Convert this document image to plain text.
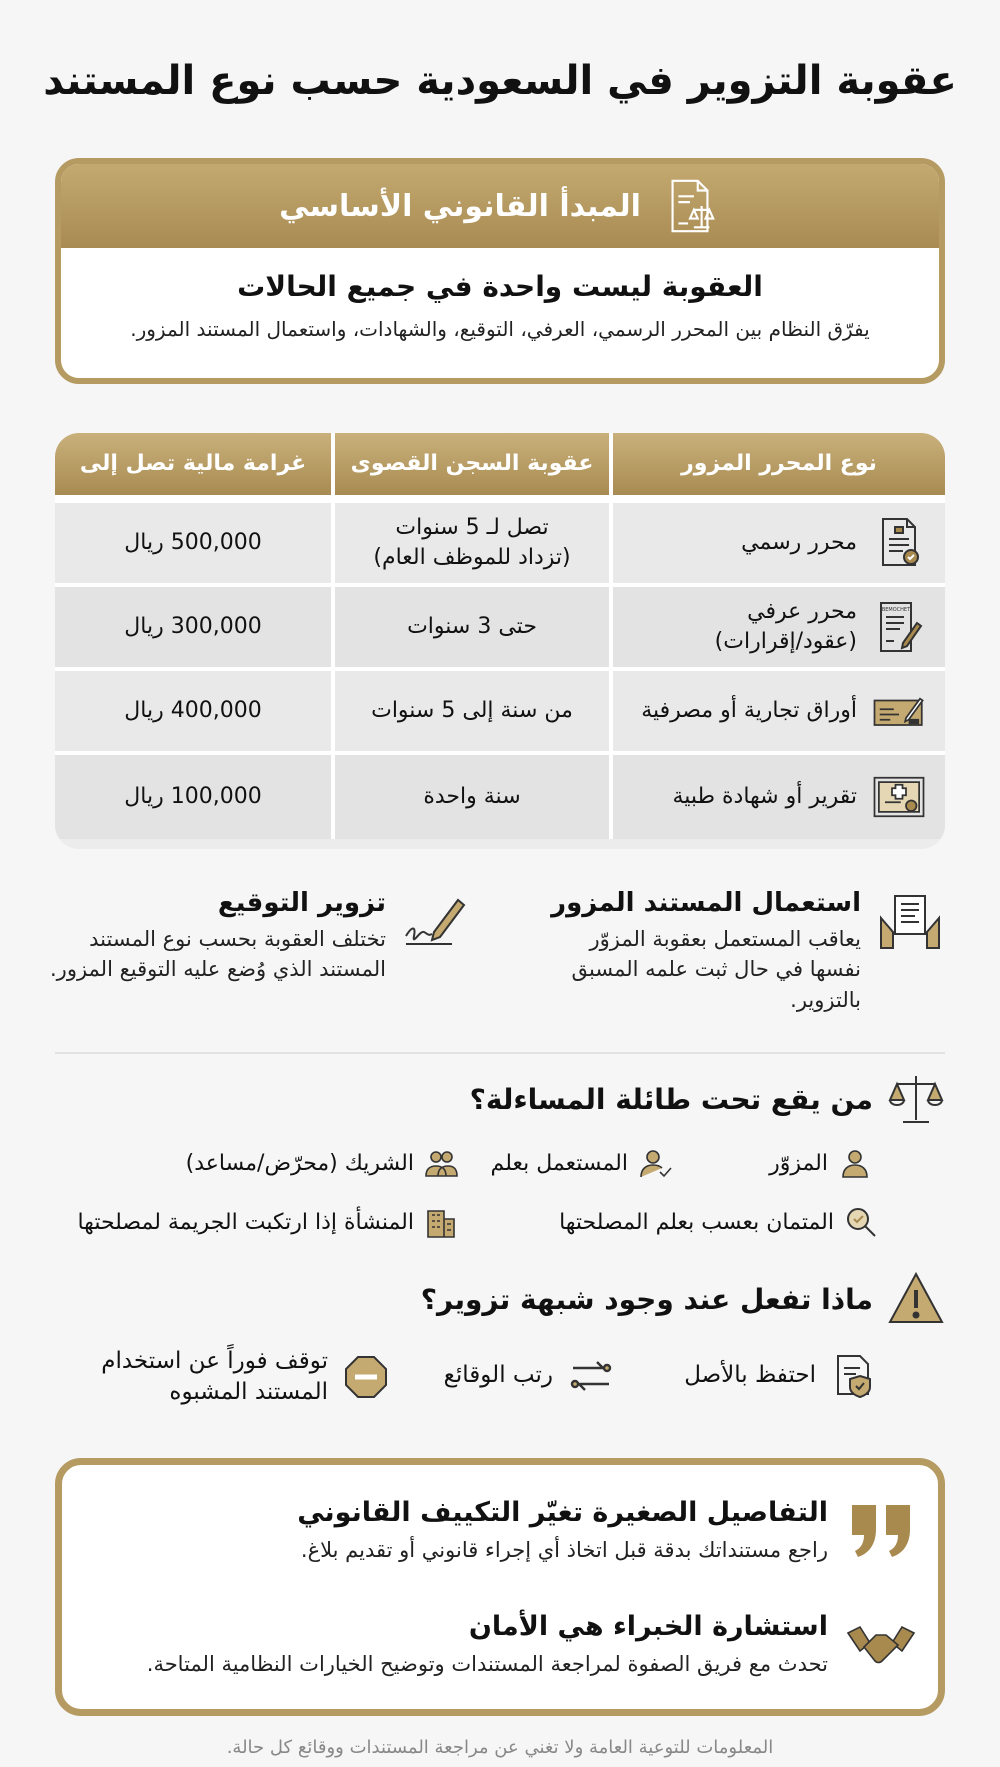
عقوبة التزوير في السعودية حسب نوع المستند
المبدأ القانوني الأساسي
العقوبة ليست واحدة في جميع الحالات
يفرّق النظام بين المحرر الرسمي، العرفي، التوقيع، والشهادات، واستعمال المستند المزور.
نوع المحرر المزور
عقوبة السجن القصوى
غرامة مالية تصل إلى
محرر رسمي
تصل لـ 5 سنوات
(تزداد للموظف العام)
500,000 ريال
BEMOCHET
محرر عرفي
(عقود/إقرارات)
حتى 3 سنوات
300,000 ريال
أوراق تجارية أو مصرفية
من سنة إلى 5 سنوات
400,000 ريال
تقرير أو شهادة طبية
سنة واحدة
100,000 ريال
استعمال المستند المزور
يعاقب المستعمل بعقوبة المزوّر نفسها في حال ثبت علمه المسبق بالتزوير.
تزوير التوقيع
تختلف العقوبة بحسب نوع المستند المستند الذي وُضع عليه التوقيع المزور.
من يقع تحت طائلة المساءلة؟
المزوّر
المستعمل بعلم
الشريك (محرّض/مساعد)
المتمان بعسب بعلم المصلحتها
المنشأة إذا ارتكبت الجريمة لمصلحتها
ماذا تفعل عند وجود شبهة تزوير؟
احتفظ بالأصل
رتب الوقائع
توقف فوراً عن استخدام
المستند المشبوه
التفاصيل الصغيرة تغيّر التكييف القانوني
راجع مستنداتك بدقة قبل اتخاذ أي إجراء قانوني أو تقديم بلاغ.
استشارة الخبراء هي الأمان
تحدث مع فريق الصفوة لمراجعة المستندات وتوضيح الخيارات النظامية المتاحة.
المعلومات للتوعية العامة ولا تغني عن مراجعة المستندات ووقائع كل حالة.
